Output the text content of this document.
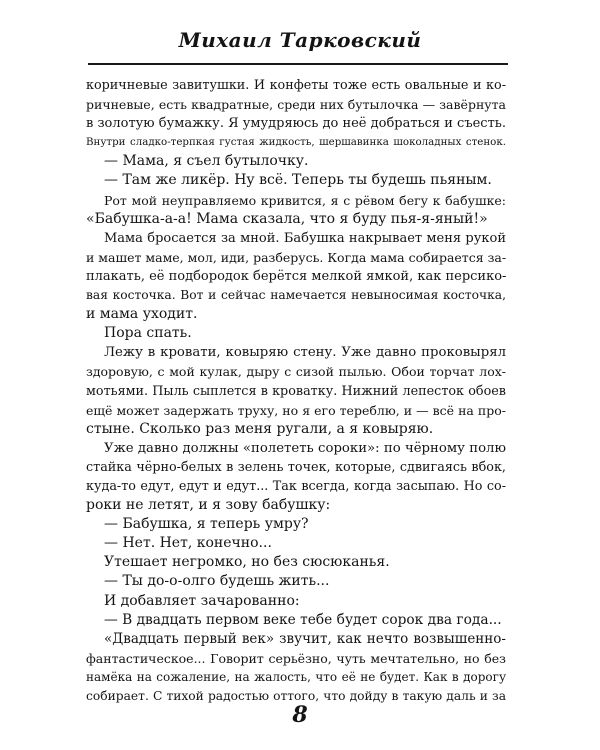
Михаил Тарковский
коричневые завитушки. И конфеты тоже есть овальные и ко-
ричневые, есть квадратные, среди них бутылочка — завёрнута
в золотую бумажку. Я умудряюсь до неё добраться и съесть.
Внутри сладко-терпкая густая жидкость, шершавинка шоколадных стенок.
— Мама, я съел бутылочку.
— Там же ликёр. Ну всё. Теперь ты будешь пьяным.
Рот мой неуправляемо кривится, я с рёвом бегу к бабушке:
«Бабушка-а-а! Мама сказала, что я буду пья-я-яный!»
Мама бросается за мной. Бабушка накрывает меня рукой
и машет маме, мол, иди, разберусь. Когда мама собирается за-
плакать, её подбородок берётся мелкой ямкой, как персико-
вая косточка. Вот и сейчас намечается невыносимая косточка,
и мама уходит.
Пора спать.
Лежу в кровати, ковыряю стену. Уже давно проковырял
здоровую, с мой кулак, дыру с сизой пылью. Обои торчат лох-
мотьями. Пыль сыплется в кроватку. Нижний лепесток обоев
ещё может задержать труху, но я его тереблю, и — всё на про-
стыне. Сколько раз меня ругали, а я ковыряю.
Уже давно должны «полететь сороки»: по чёрному полю
стайка чёрно-белых в зелень точек, которые, сдвигаясь вбок,
куда-то едут, едут и едут... Так всегда, когда засыпаю. Но со-
роки не летят, и я зову бабушку:
— Бабушка, я теперь умру?
— Нет. Нет, конечно...
Утешает негромко, но без сюсюканья.
— Ты до-о-олго будешь жить...
И добавляет зачарованно:
— В двадцать первом веке тебе будет сорок два года...
«Двадцать первый век» звучит, как нечто возвышенно-
фантастическое... Говорит серьёзно, чуть мечтательно, но без
намёка на сожаление, на жалость, что её не будет. Как в дорогу
собирает. С тихой радостью оттого, что дойду в такую даль и за
8
